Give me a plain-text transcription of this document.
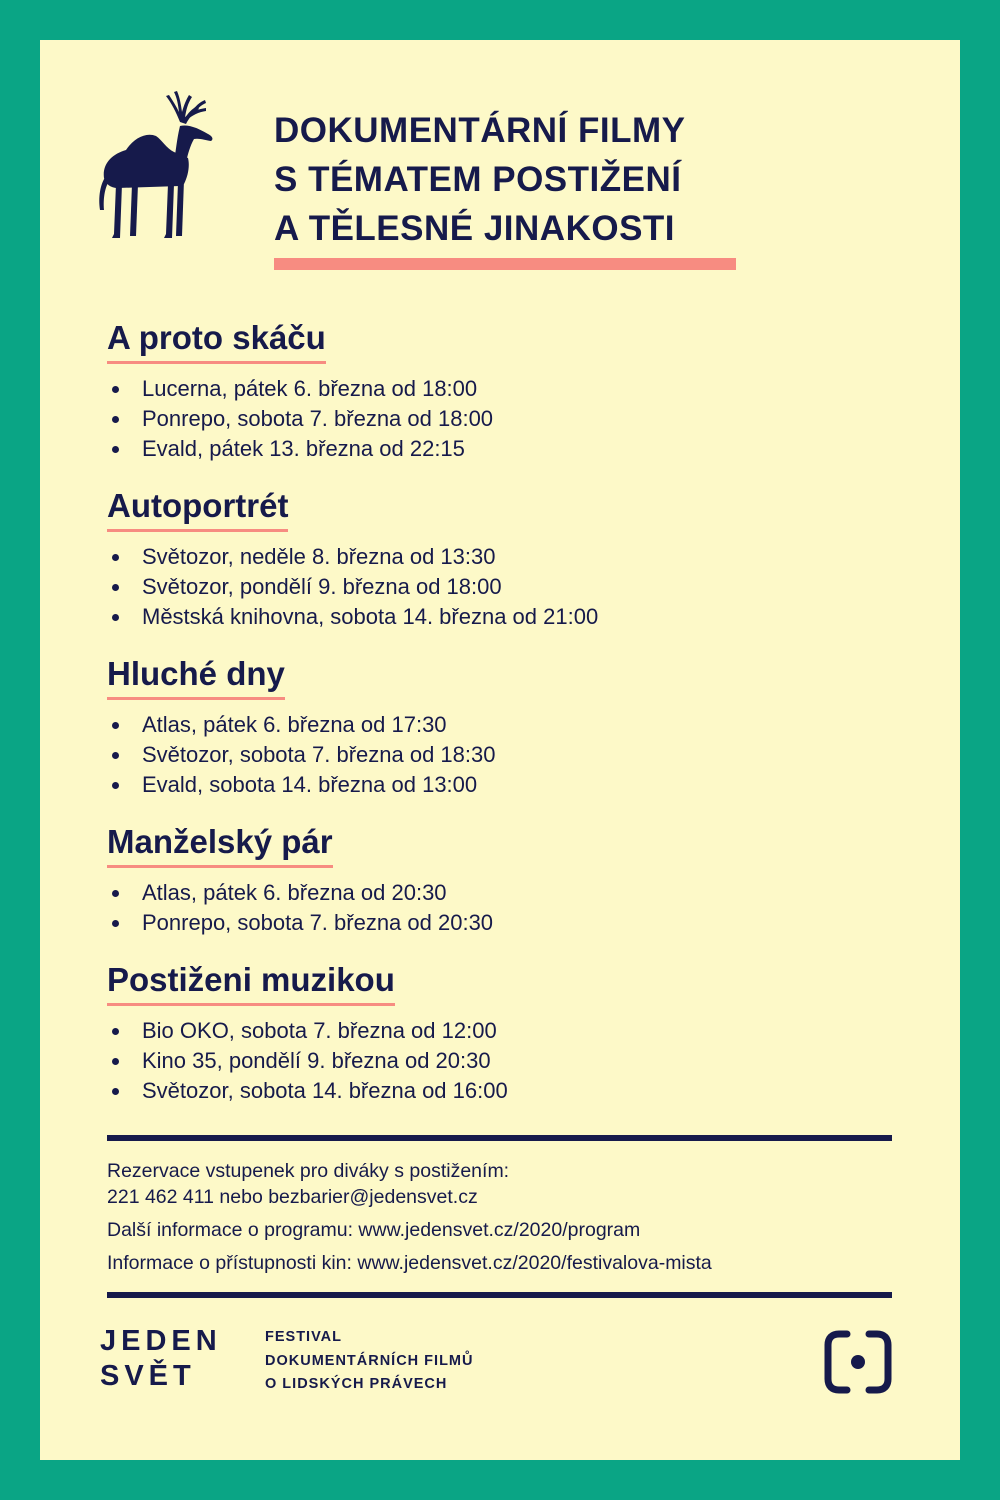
DOKUMENTÁRNÍ FILMY
S TÉMATEM POSTIŽENÍ
A TĚLESNÉ JINAKOSTI
A proto skáču
Lucerna, pátek 6. března od 18:00
Ponrepo, sobota 7. března od 18:00
Evald, pátek 13. března od 22:15
Autoportrét
Světozor, neděle 8. března od 13:30
Světozor, pondělí 9. března od 18:00
Městská knihovna, sobota 14. března od 21:00
Hluché dny
Atlas, pátek 6. března od 17:30
Světozor, sobota 7. března od 18:30
Evald, sobota 14. března od 13:00
Manželský pár
Atlas, pátek 6. března od 20:30
Ponrepo, sobota 7. března od 20:30
Postiženi muzikou
Bio OKO, sobota 7. března od 12:00
Kino 35, pondělí 9. března od 20:30
Světozor, sobota 14. března od 16:00
Rezervace vstupenek pro diváky s postižením:
221 462 411 nebo bezbarier@jedensvet.cz
Další informace o programu: www.jedensvet.cz/2020/program
Informace o přístupnosti kin: www.jedensvet.cz/2020/festivalova-mista
JEDEN
SVĚT
FESTIVAL
DOKUMENTÁRNÍCH FILMŮ
O LIDSKÝCH PRÁVECH
